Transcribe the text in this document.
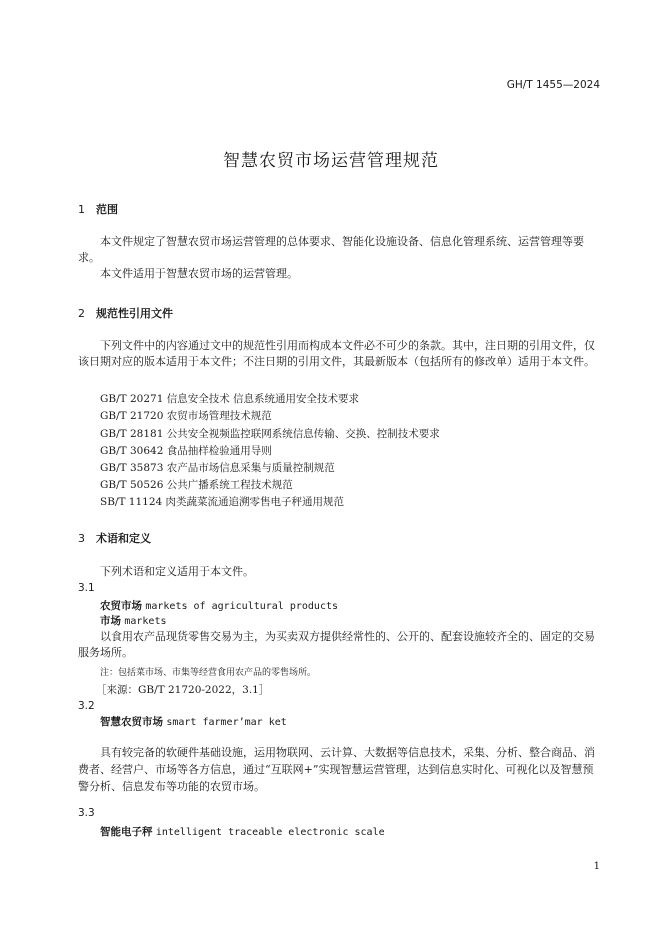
GH/T 1455—2024
智慧农贸市场运营管理规范
1 范围
本文件规定了智慧农贸市场运营管理的总体要求、智能化设施设备、信息化管理系统、运营管理等要求。
本文件适用于智慧农贸市场的运营管理。
2 规范性引用文件
下列文件中的内容通过文中的规范性引用而构成本文件必不可少的条款。其中，注日期的引用文件，仅该日期对应的版本适用于本文件；不注日期的引用文件，其最新版本（包括所有的修改单）适用于本文件。
GB/T 20271 信息安全技术 信息系统通用安全技术要求
GB/T 21720 农贸市场管理技术规范
GB/T 28181 公共安全视频监控联网系统信息传输、交换、控制技术要求
GB/T 30642 食品抽样检验通用导则
GB/T 35873 农产品市场信息采集与质量控制规范
GB/T 50526 公共广播系统工程技术规范
SB/T 11124 肉类蔬菜流通追溯零售电子秤通用规范
3 术语和定义
下列术语和定义适用于本文件。
3.1
农贸市场 markets of agricultural products
市场 markets
以食用农产品现货零售交易为主，为买卖双方提供经常性的、公开的、配套设施较齐全的、固定的交易服务场所。
注：包括菜市场、市集等经营食用农产品的零售场所。
［来源：GB/T 21720-2022，3.1］
3.2
智慧农贸市场 smart farmer’mar ket
具有较完备的软硬件基础设施，运用物联网、云计算、大数据等信息技术，采集、分析、整合商品、消费者、经营户、市场等各方信息，通过“互联网+”实现智慧运营管理，达到信息实时化、可视化以及智慧预警分析、信息发布等功能的农贸市场。
3.3
智能电子秤 intelligent traceable electronic scale
1
